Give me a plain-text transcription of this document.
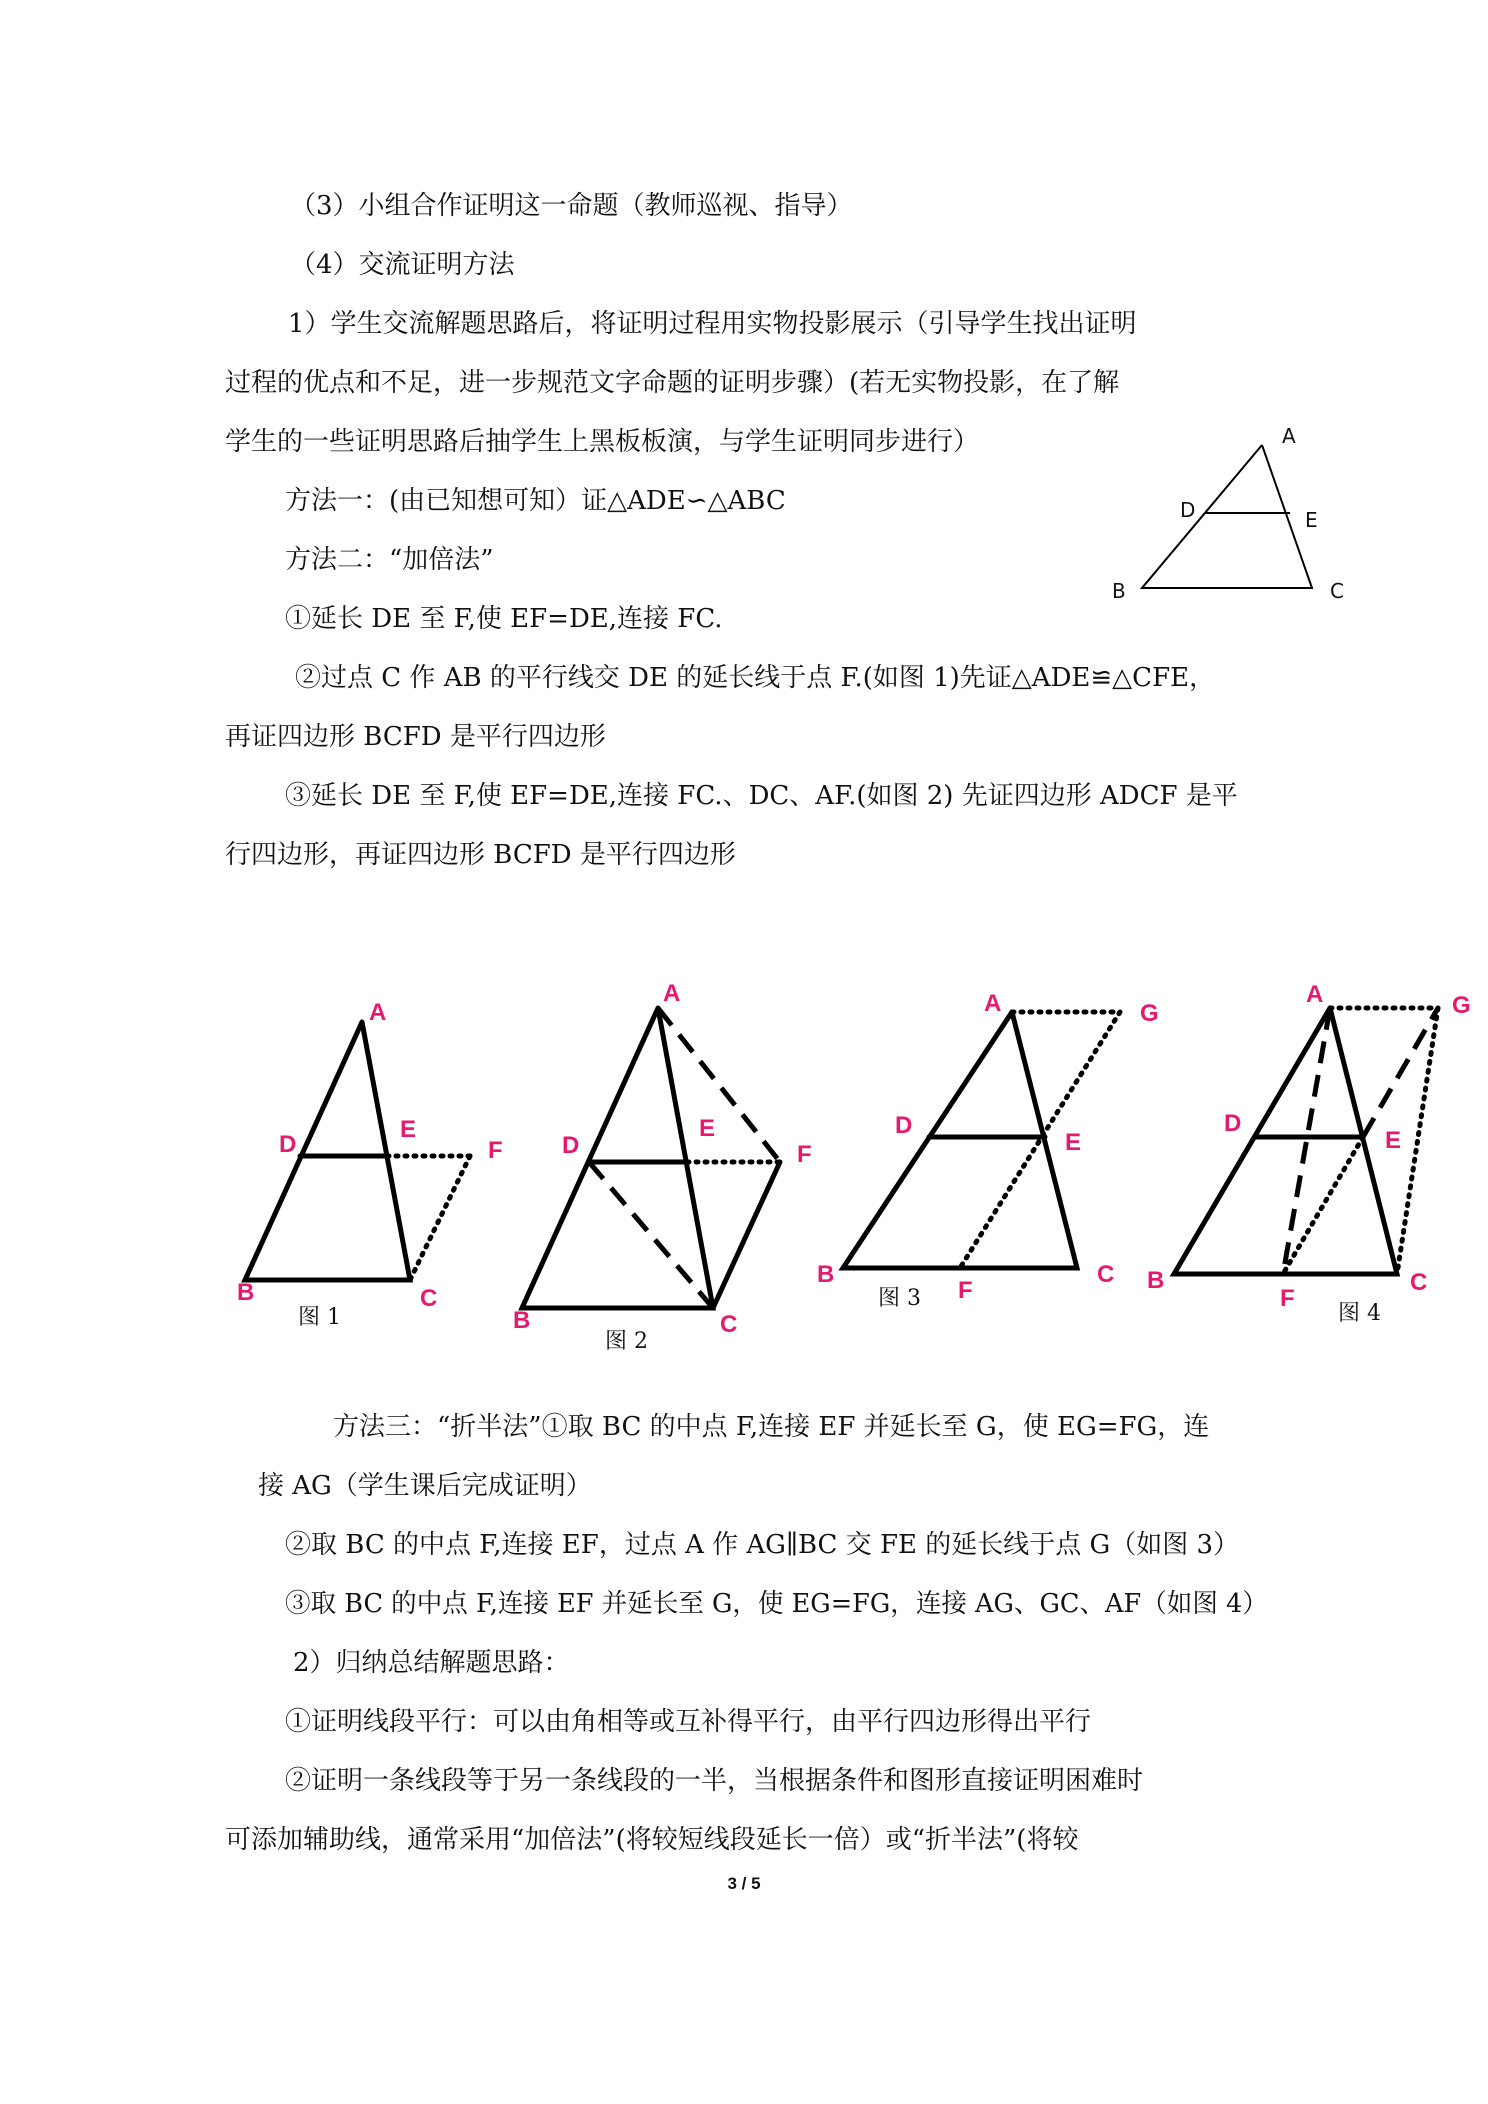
（3）小组合作证明这一命题（教师巡视、指导）
（4）交流证明方法
1）学生交流解题思路后，将证明过程用实物投影展示（引导学生找出证明
过程的优点和不足，进一步规范文字命题的证明步骤）(若无实物投影，在了解
学生的一些证明思路后抽学生上黑板板演，与学生证明同步进行）
方法一：(由已知想可知）证△ADE∽△ABC
方法二：“加倍法”
①延长 DE 至 F,使 EF=DE,连接 FC.
②过点 C 作 AB 的平行线交 DE 的延长线于点 F.(如图 1)先证△ADE≌△CFE，
再证四边形 BCFD 是平行四边形
③延长 DE 至 F,使 EF=DE,连接 FC.、DC、AF.(如图 2) 先证四边形 ADCF 是平
行四边形，再证四边形 BCFD 是平行四边形
A
D	E
B	C
A
D
E
F
B	C
图 1
A
D
E
F
B	C
图 2
A	G
D
E
B
F
C
图 3
A	G
D
E
B
F
C
图 4
方法三：“折半法”①取 BC 的中点 F,连接 EF 并延长至 G，使 EG=FG，连
接 AG（学生课后完成证明）
②取 BC 的中点 F,连接 EF，过点 A 作 AG∥BC 交 FE 的延长线于点 G（如图 3）
③取 BC 的中点 F,连接 EF 并延长至 G，使 EG=FG，连接 AG、GC、AF（如图 4）
2）归纳总结解题思路：
①证明线段平行：可以由角相等或互补得平行，由平行四边形得出平行
②证明一条线段等于另一条线段的一半，当根据条件和图形直接证明困难时
可添加辅助线，通常采用“加倍法”(将较短线段延长一倍）或“折半法”(将较
3 / 5
